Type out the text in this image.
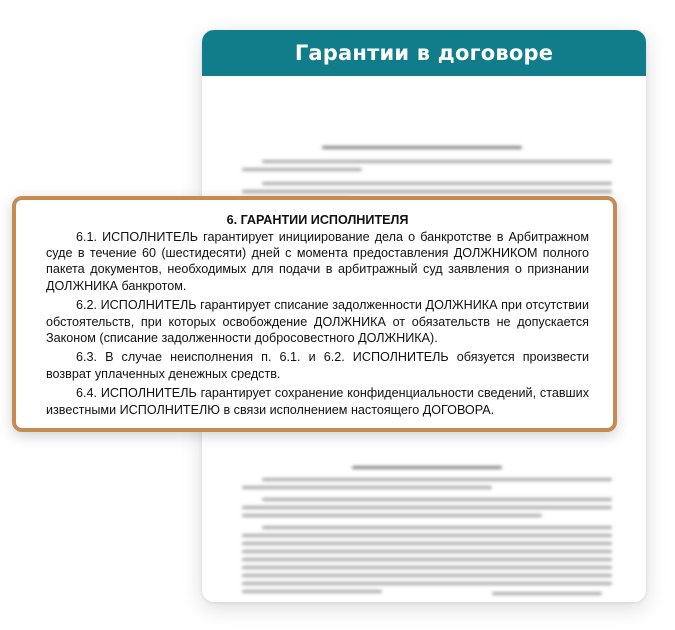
Гарантии в договоре
6. ГАРАНТИИ ИСПОЛНИТЕЛЯ

6.1. ИСПОЛНИТЕЛЬ гарантирует инициирование дела о банкротстве в Арбитражном суде в течение 60 (шестидесяти) дней с момента предоставления ДОЛЖНИКОМ полного пакета документов, необходимых для подачи в арбитражный суд заявления о признании ДОЛЖНИКА банкротом.

6.2. ИСПОЛНИТЕЛЬ гарантирует списание задолженности ДОЛЖНИКА при отсутствии обстоятельств, при которых освобождение ДОЛЖНИКА от обязательств не допускается Законом (списание задолженности добросовестного ДОЛЖНИКА).

6.3. В случае неисполнения п. 6.1. и 6.2. ИСПОЛНИТЕЛЬ обязуется произвести возврат уплаченных денежных средств.

6.4. ИСПОЛНИТЕЛЬ гарантирует сохранение конфиденциальности сведений, ставших известными ИСПОЛНИТЕЛЮ в связи исполнением настоящего ДОГОВОРА.
